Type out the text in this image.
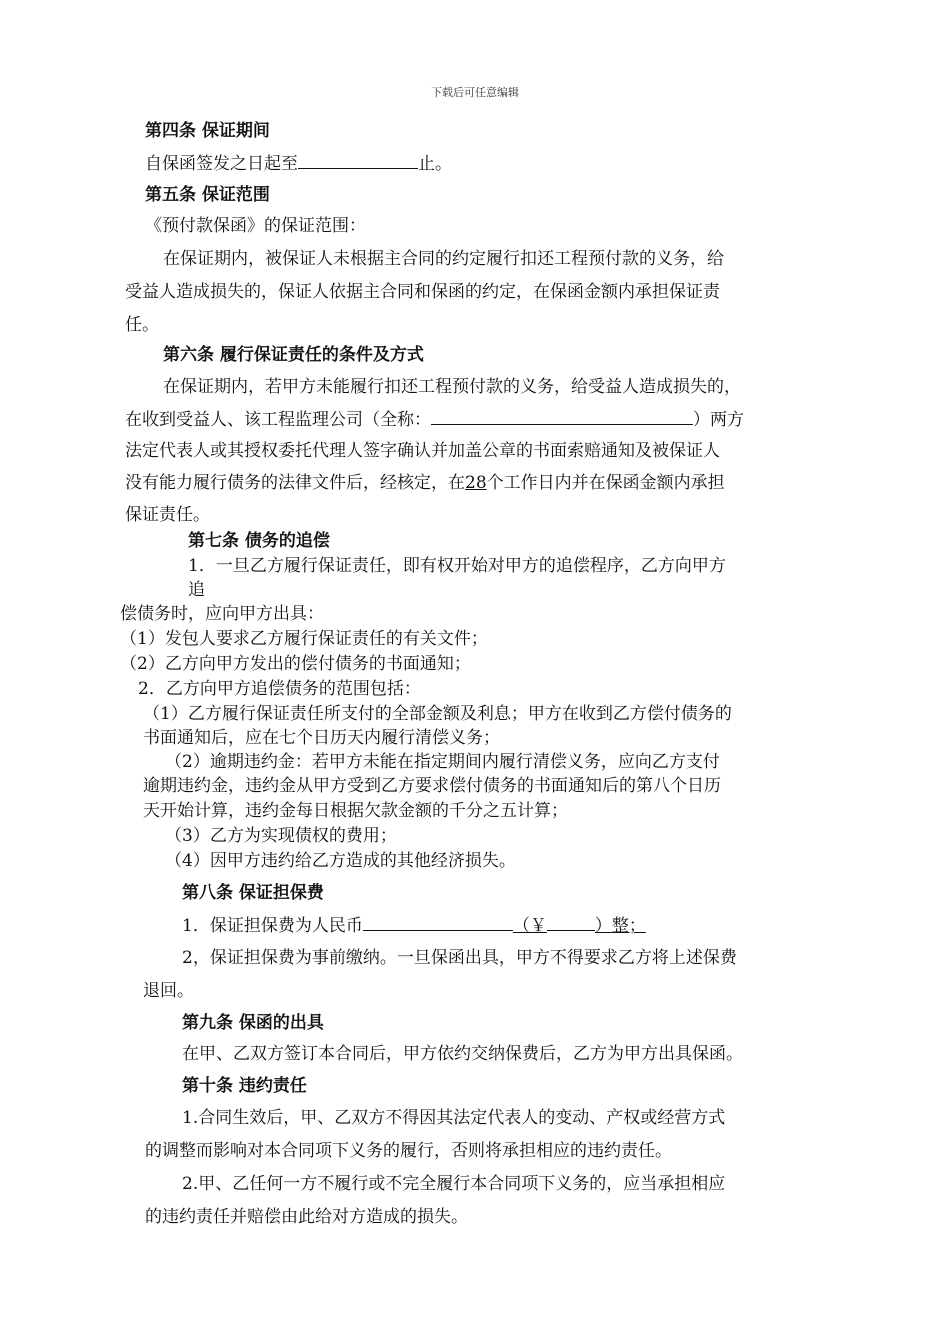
下载后可任意编辑
第四条 保证期间
自保函签发之日起至	止。
第五条 保证范围
《预付款保函》的保证范围：
在保证期内，被保证人未根据主合同的约定履行扣还工程预付款的义务，给
受益人造成损失的，保证人依据主合同和保函的约定，在保函金额内承担保证责
任。
第六条 履行保证责任的条件及方式
在保证期内，若甲方未能履行扣还工程预付款的义务，给受益人造成损失的，
在收到受益人、该工程监理公司（全称：	）两方
法定代表人或其授权委托代理人签字确认并加盖公章的书面索赔通知及被保证人
没有能力履行债务的法律文件后，经核定，在28个工作日内并在保函金额内承担
保证责任。
第七条 债务的追偿
1．一旦乙方履行保证责任，即有权开始对甲方的追偿程序，乙方向甲方
追
偿债务时，应向甲方出具：
（1）发包人要求乙方履行保证责任的有关文件；
（2）乙方向甲方发出的偿付债务的书面通知；
2．乙方向甲方追偿债务的范围包括：
（1）乙方履行保证责任所支付的全部金额及利息；甲方在收到乙方偿付债务的
书面通知后，应在七个日历天内履行清偿义务；
（2）逾期违约金：若甲方未能在指定期间内履行清偿义务，应向乙方支付
逾期违约金，违约金从甲方受到乙方要求偿付债务的书面通知后的第八个日历
天开始计算，违约金每日根据欠款金额的千分之五计算；
（3）乙方为实现债权的费用；
（4）因甲方违约给乙方造成的其他经济损失。
第八条 保证担保费
1．保证担保费为人民币	（￥	）整；
2，保证担保费为事前缴纳。一旦保函出具，甲方不得要求乙方将上述保费
退回。
第九条 保函的出具
在甲、乙双方签订本合同后，甲方依约交纳保费后，乙方为甲方出具保函。
第十条 违约责任
1.合同生效后，甲、乙双方不得因其法定代表人的变动、产权或经营方式
的调整而影响对本合同项下义务的履行，否则将承担相应的违约责任。
2.甲、乙任何一方不履行或不完全履行本合同项下义务的，应当承担相应
的违约责任并赔偿由此给对方造成的损失。
